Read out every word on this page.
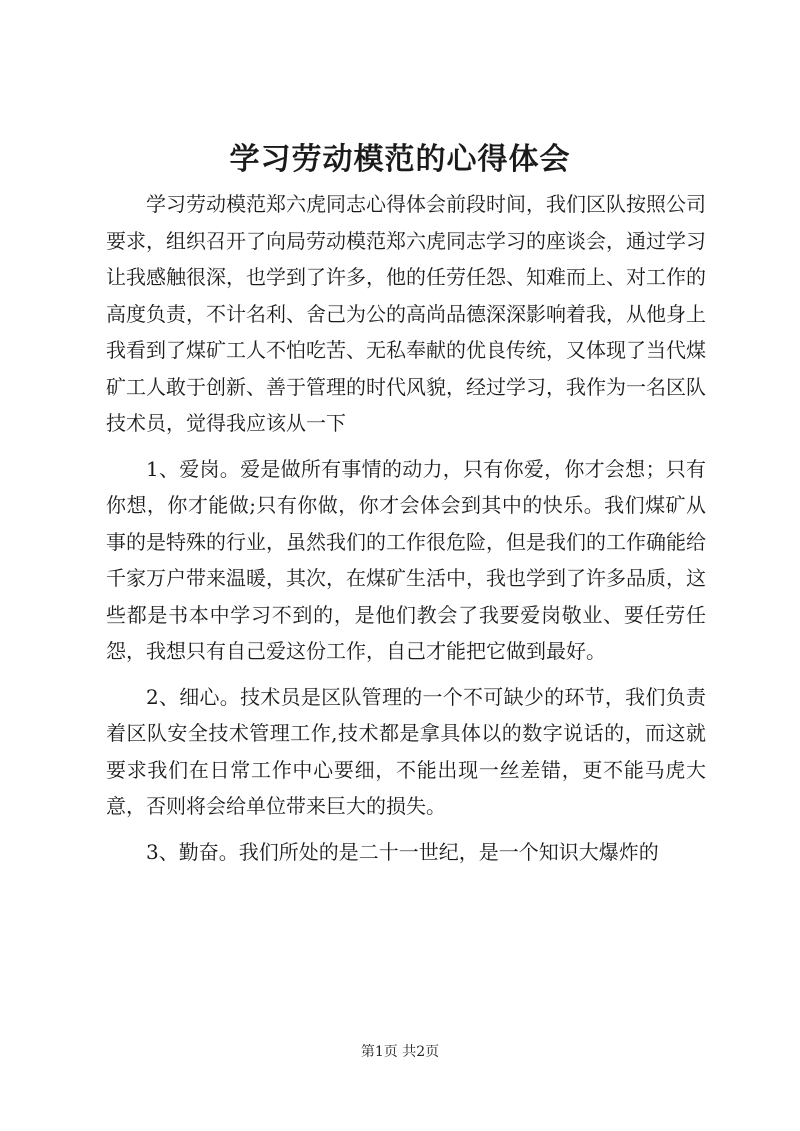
学习劳动模范的心得体会

学习劳动模范郑六虎同志心得体会前段时间，我们区队按照公司要求，组织召开了向局劳动模范郑六虎同志学习的座谈会，通过学习让我感触很深，也学到了许多，他的任劳任怨、知难而上、对工作的高度负责，不计名利、舍己为公的高尚品德深深影响着我，从他身上我看到了煤矿工人不怕吃苦、无私奉献的优良传统，又体现了当代煤矿工人敢于创新、善于管理的时代风貌，经过学习，我作为一名区队技术员，觉得我应该从一下

1、爱岗。爱是做所有事情的动力，只有你爱，你才会想；只有你想，你才能做;只有你做，你才会体会到其中的快乐。我们煤矿从事的是特殊的行业，虽然我们的工作很危险，但是我们的工作确能给千家万户带来温暖，其次，在煤矿生活中，我也学到了许多品质，这些都是书本中学习不到的，是他们教会了我要爱岗敬业、要任劳任怨，我想只有自己爱这份工作，自己才能把它做到最好。

2、细心。技术员是区队管理的一个不可缺少的环节，我们负责着区队安全技术管理工作,技术都是拿具体以的数字说话的，而这就要求我们在日常工作中心要细，不能出现一丝差错，更不能马虎大意，否则将会给单位带来巨大的损失。

3、勤奋。我们所处的是二十一世纪，是一个知识大爆炸的

第1页 共2页
